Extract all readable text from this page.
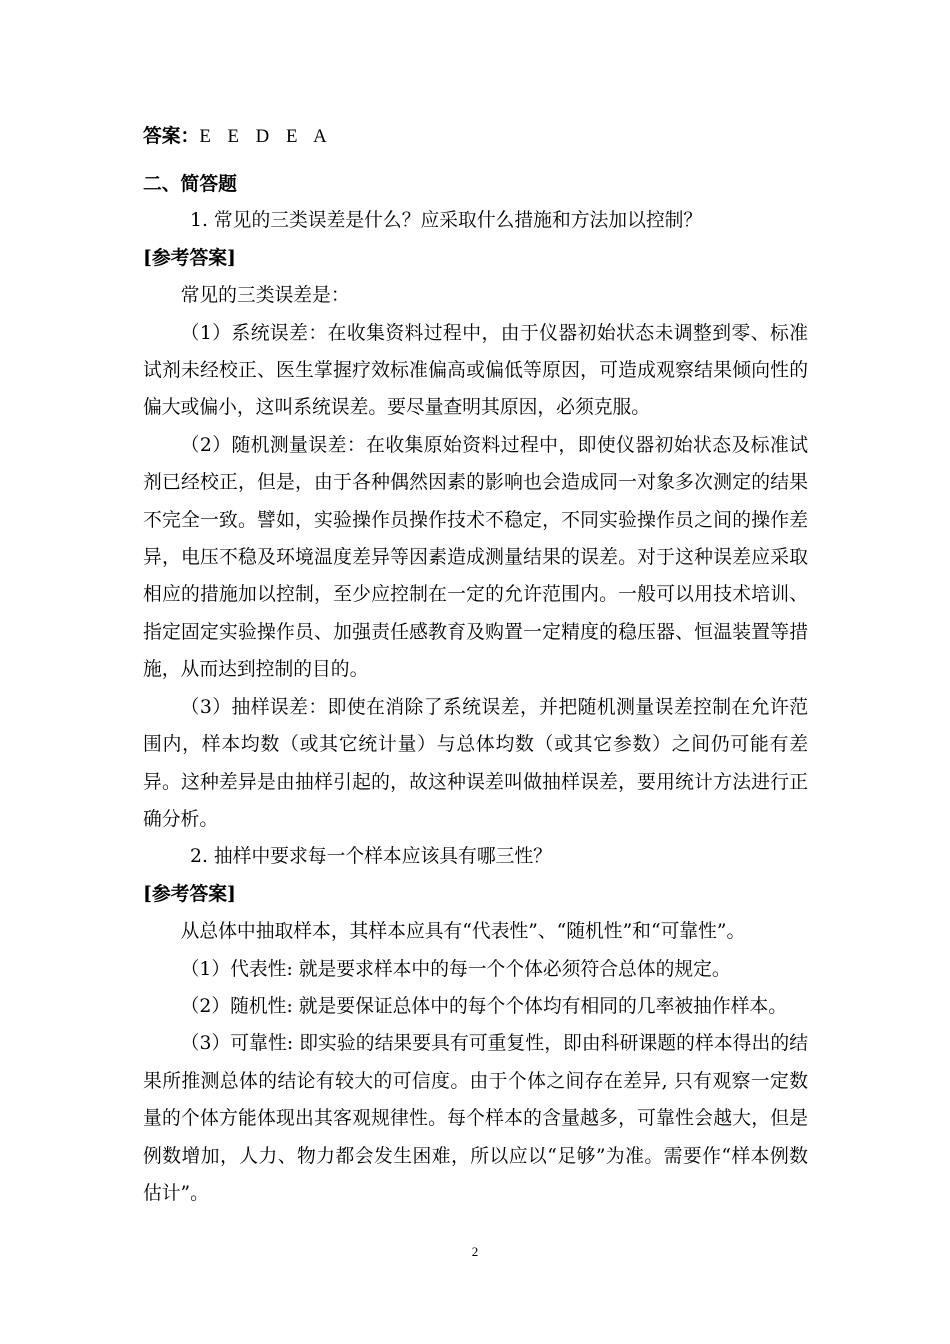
答案：E E D E A

二、简答题

1. 常见的三类误差是什么？应采取什么措施和方法加以控制？

[参考答案]

常见的三类误差是：

（1）系统误差：在收集资料过程中，由于仪器初始状态未调整到零、标准试剂未经校正、医生掌握疗效标准偏高或偏低等原因，可造成观察结果倾向性的偏大或偏小，这叫系统误差。要尽量查明其原因，必须克服。

（2）随机测量误差：在收集原始资料过程中，即使仪器初始状态及标准试剂已经校正，但是，由于各种偶然因素的影响也会造成同一对象多次测定的结果不完全一致。譬如，实验操作员操作技术不稳定，不同实验操作员之间的操作差异，电压不稳及环境温度差异等因素造成测量结果的误差。对于这种误差应采取相应的措施加以控制，至少应控制在一定的允许范围内。一般可以用技术培训、指定固定实验操作员、加强责任感教育及购置一定精度的稳压器、恒温装置等措施，从而达到控制的目的。

（3）抽样误差：即使在消除了系统误差，并把随机测量误差控制在允许范围内，样本均数（或其它统计量）与总体均数（或其它参数）之间仍可能有差异。这种差异是由抽样引起的，故这种误差叫做抽样误差，要用统计方法进行正确分析。

2. 抽样中要求每一个样本应该具有哪三性？

[参考答案]

从总体中抽取样本，其样本应具有“代表性”、“随机性”和“可靠性”。

（1）代表性: 就是要求样本中的每一个个体必须符合总体的规定。

（2）随机性: 就是要保证总体中的每个个体均有相同的几率被抽作样本。

（3）可靠性: 即实验的结果要具有可重复性，即由科研课题的样本得出的结果所推测总体的结论有较大的可信度。由于个体之间存在差异, 只有观察一定数量的个体方能体现出其客观规律性。每个样本的含量越多，可靠性会越大，但是例数增加，人力、物力都会发生困难，所以应以“足够”为准。需要作“样本例数估计”。

2
